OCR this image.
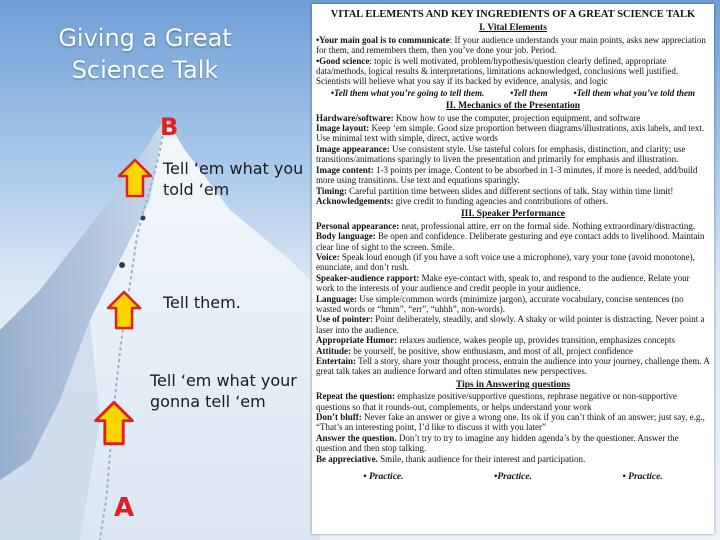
Giving a Great Science Talk
B
A
Tell ‘em what you told ‘em
Tell them.
Tell ‘em what your gonna tell ‘em
VITAL ELEMENTS AND KEY INGREDIENTS OF A GREAT SCIENCE TALK
I. Vital Elements
•Your main goal is to communicate: If your audience understands your main points, asks new appreciation for them, and remembers them, then you’ve done your job. Period.
•Good science: topic is well motivated, problem/hypothesis/question clearly defined, appropriate data/methods, logical results & interpretations, limitations acknowledged, conclusions well justified. Scientists will believe what you say if its backed by evidence, analysis, and logic
•Tell them what you’re going to tell them.	•Tell them	•Tell them what you’ve told them
II. Mechanics of the Presentation
Hardware/software: Know how to use the computer, projection equipment, and software
Image layout: Keep ‘em simple. Good size proportion between diagrams/illustrations, axis labels, and text. Use minimal text with simple, direct, active words
Image appearance: Use consistent style. Use tasteful colors for emphasis, distinction, and clarity; use transitions/animations sparingly to liven the presentation and primarily for emphasis and illustration.
Image content: 1-3 points per image. Content to be absorbed in 1-3 minutes, if more is needed, add/build more using transitions. Use text and equations sparingly.
Timing: Careful partition time between slides and different sections of talk. Stay within time limit!
Acknowledgements: give credit to funding agencies and contributions of others.
III. Speaker Performance
Personal appearance: neat, professional attire, err on the formal side. Nothing extraordinary/distracting.
Body language: Be open and confidence. Deliberate gesturing and eye contact adds to livelihood. Maintain clear line of sight to the screen. Smile.
Voice: Speak loud enough (if you have a soft voice use a microphone), vary your tone (avoid monotone), enunciate, and don’t rush.
Speaker-audience rapport: Make eye-contact with, speak to, and respond to the audience. Relate your work to the interests of your audience and credit people in your audience.
Language: Use simple/common words (minimize jargon), accurate vocabulary, concise sentences (no wasted words or “hmm”, “err”, “uhhh”, non-words).
Use of pointer: Point deliberately, steadily, and slowly. A shaky or wild pointer is distracting. Never point a laser into the audience.
Appropriate Humor: relaxes audience, wakes people up, provides transition, emphasizes concepts
Attitude: be yourself, be positive, show enthusiasm, and most of all, project confidence
Entertain: Tell a story, share your thought process, entrain the audience into your journey, challenge them. A great talk takes an audience forward and often stimulates new perspectives.
Tips in Answering questions
Repeat the question: emphasize positive/supportive questions, rephrase negative or non-supportive questions so that it rounds-out, complements, or helps understand your work
Don’t bluff: Never fake an answer or give a wrong one. Its ok if you can’t think of an answer; just say, e.g., “That’s an interesting point, I’d like to discuss it with you later”
Answer the question. Don’t try to try to imagine any hidden agenda’s by the questioner. Answer the question and then stop talking.
Be appreciative. Smile, thank audience for their interest and participation.
• Practice.	•Practice.	• Practice.
